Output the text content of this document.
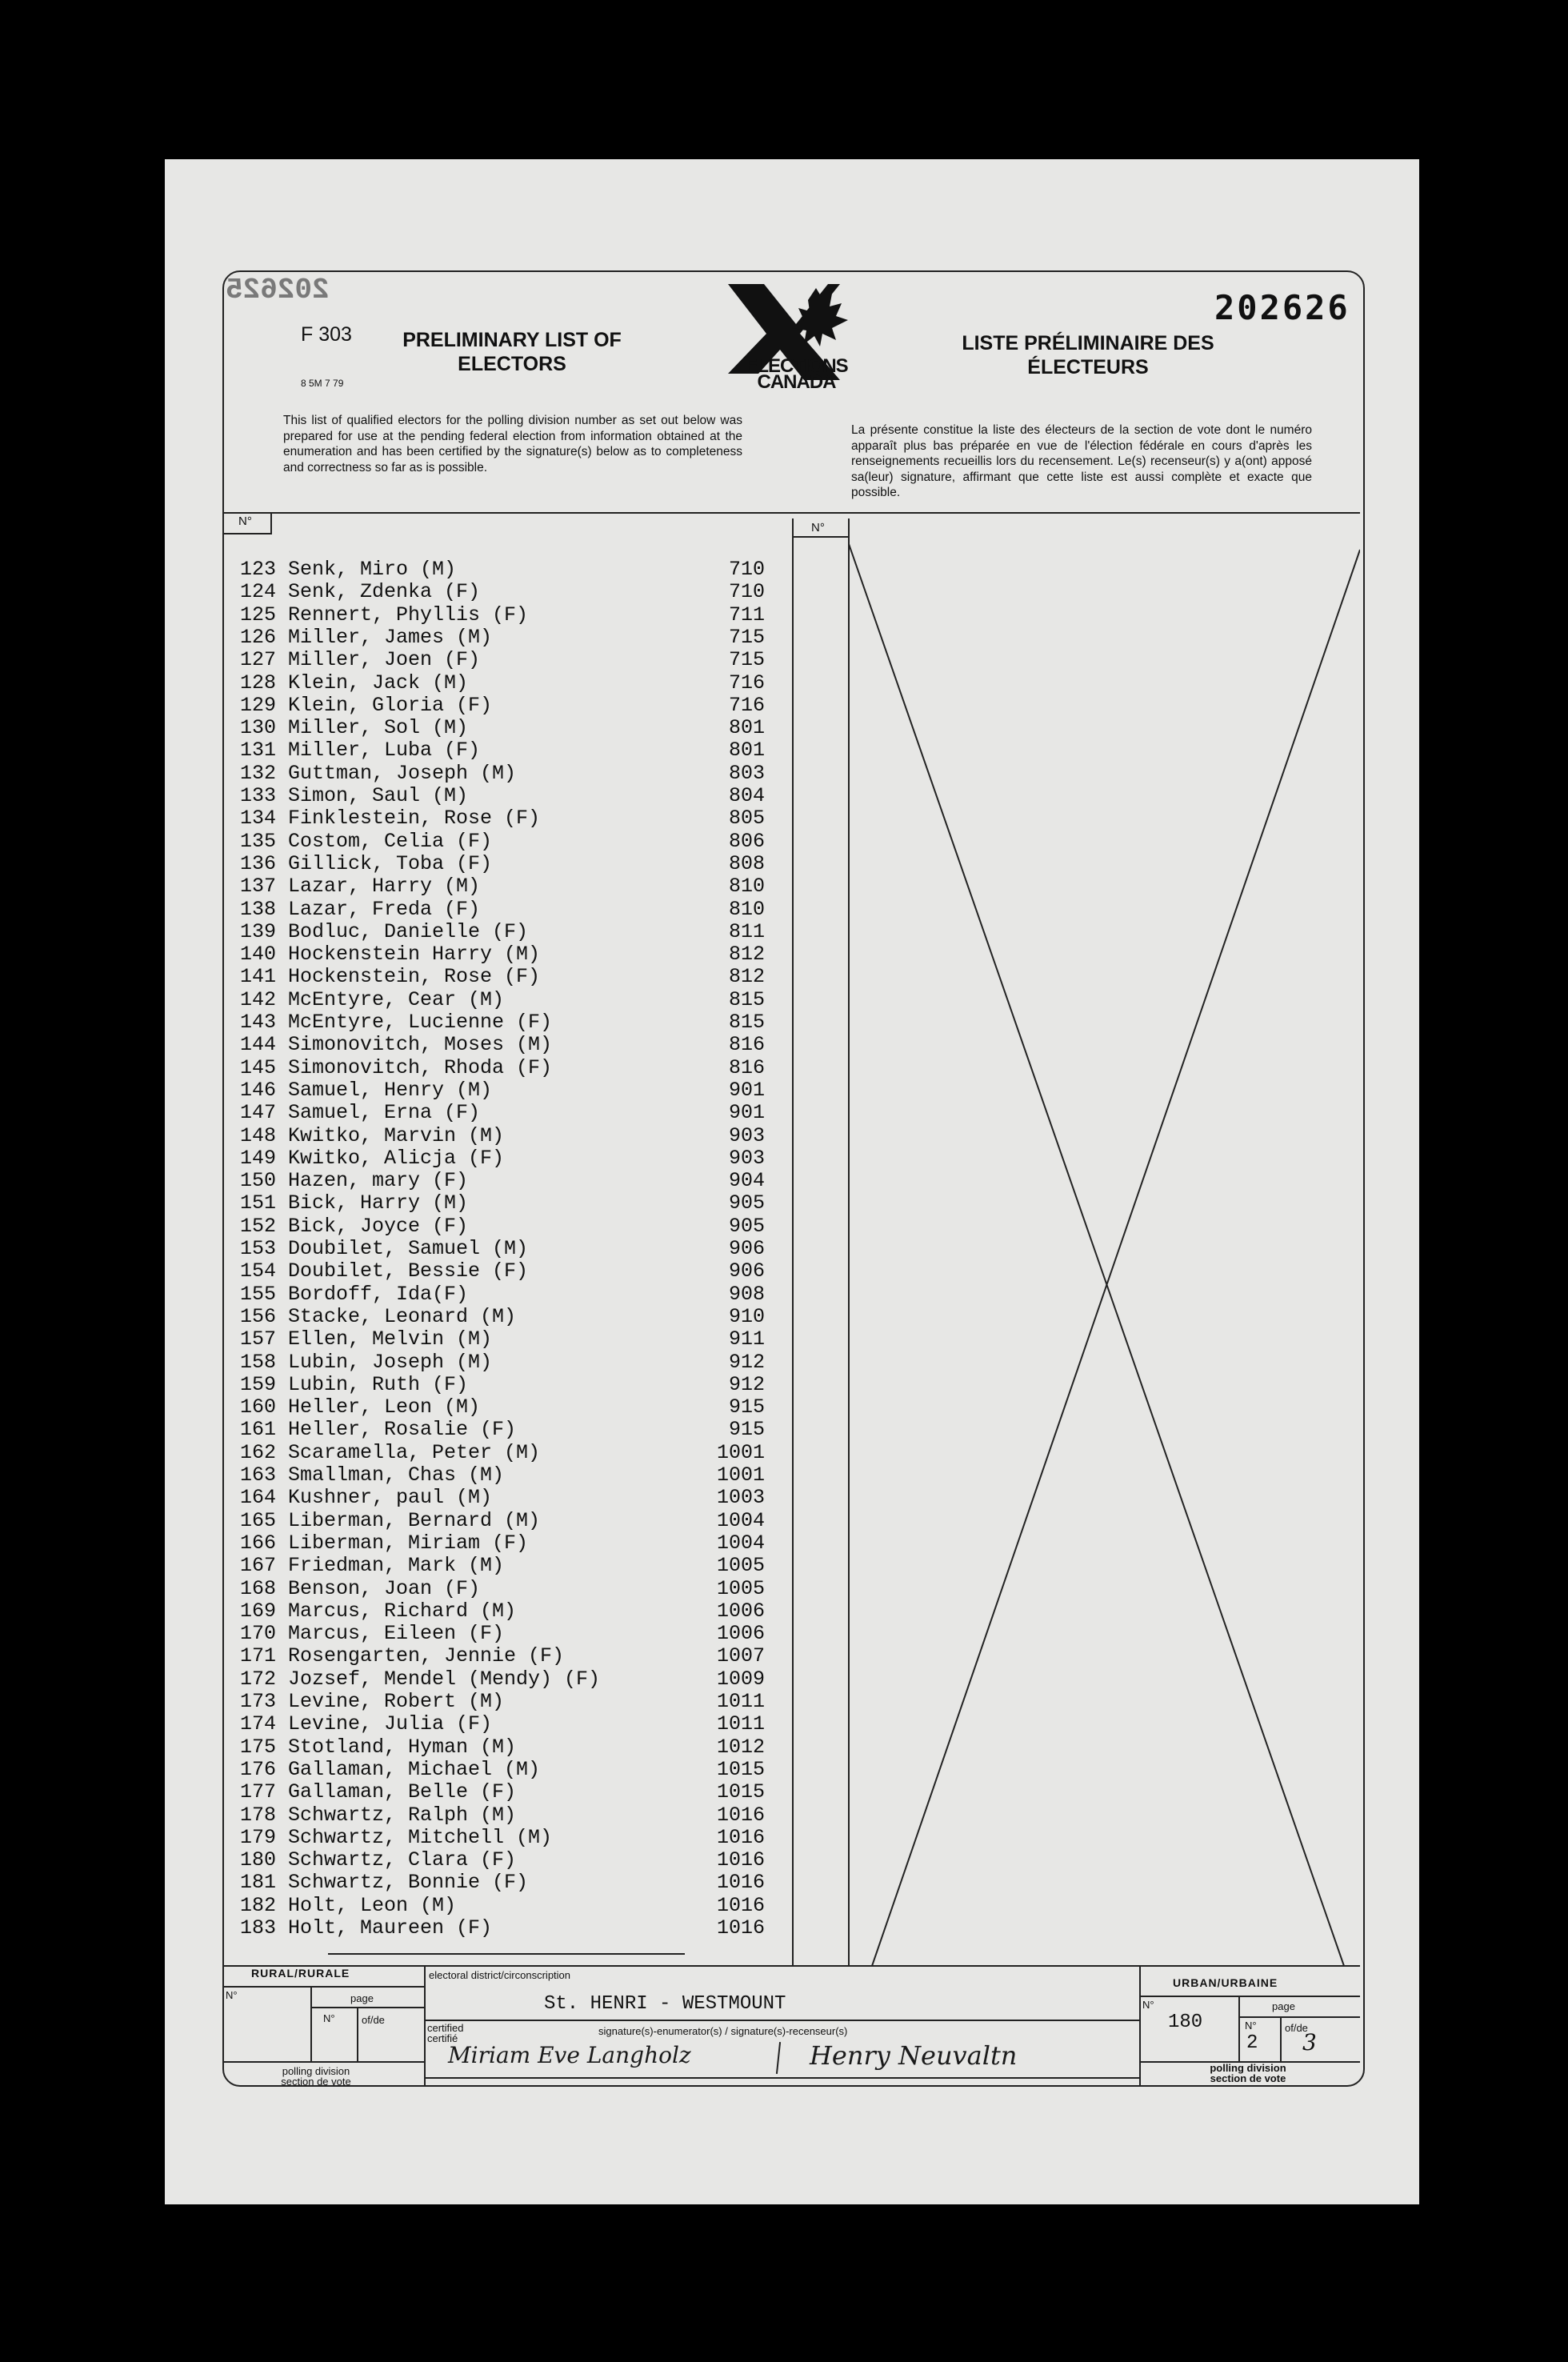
202625	202626
F 303
8 5M 7 79
PRELIMINARY LIST OF
ELECTORS
LISTE PRÉLIMINAIRE DES
ÉLECTEURS
ELECTIONS
CANADA
This list of qualified electors for the polling division number as set out below was prepared for use at the pending federal election from information obtained at the enumeration and has been certified by the signature(s) below as to completeness and correctness so far as is possible.
La présente constitue la liste des électeurs de la section de vote dont le numéro apparaît plus bas préparée en vue de l'élection fédérale en cours d'après les renseignements recueillis lors du recensement. Le(s) recenseur(s) y a(ont) apposé sa(leur) signature, affirmant que cette liste est aussi complète et exacte que possible.
N°	N°
123 Senk, Miro (M)	710
124 Senk, Zdenka (F)	710
125 Rennert, Phyllis (F)	711
126 Miller, James (M)	715
127 Miller, Joen (F)	715
128 Klein, Jack (M)	716
129 Klein, Gloria (F)	716
130 Miller, Sol (M)	801
131 Miller, Luba (F)	801
132 Guttman, Joseph (M)	803
133 Simon, Saul (M)	804
134 Finklestein, Rose (F)	805
135 Costom, Celia (F)	806
136 Gillick, Toba (F)	808
137 Lazar, Harry (M)	810
138 Lazar, Freda (F)	810
139 Bodluc, Danielle (F)	811
140 Hockenstein Harry (M)	812
141 Hockenstein, Rose (F)	812
142 McEntyre, Cear (M)	815
143 McEntyre, Lucienne (F)	815
144 Simonovitch, Moses (M)	816
145 Simonovitch, Rhoda (F)	816
146 Samuel, Henry (M)	901
147 Samuel, Erna (F)	901
148 Kwitko, Marvin (M)	903
149 Kwitko, Alicja (F)	903
150 Hazen, mary (F)	904
151 Bick, Harry (M)	905
152 Bick, Joyce (F)	905
153 Doubilet, Samuel (M)	906
154 Doubilet, Bessie (F)	906
155 Bordoff, Ida(F)	908
156 Stacke, Leonard (M)	910
157 Ellen, Melvin (M)	911
158 Lubin, Joseph (M)	912
159 Lubin, Ruth (F)	912
160 Heller, Leon (M)	915
161 Heller, Rosalie (F)	915
162 Scaramella, Peter (M)	1001
163 Smallman, Chas (M)	1001
164 Kushner, paul (M)	1003
165 Liberman, Bernard (M)	1004
166 Liberman, Miriam (F)	1004
167 Friedman, Mark (M)	1005
168 Benson, Joan (F)	1005
169 Marcus, Richard (M)	1006
170 Marcus, Eileen (F)	1006
171 Rosengarten, Jennie (F)	1007
172 Jozsef, Mendel (Mendy) (F)	1009
173 Levine, Robert (M)	1011
174 Levine, Julia (F)	1011
175 Stotland, Hyman (M)	1012
176 Gallaman, Michael (M)	1015
177 Gallaman, Belle (F)	1015
178 Schwartz, Ralph (M)	1016
179 Schwartz, Mitchell (M)	1016
180 Schwartz, Clara (F)	1016
181 Schwartz, Bonnie (F)	1016
182 Holt, Leon (M)	1016
183 Holt, Maureen (F)	1016
RURAL/RURALE	electoral district/circonscription
N°	page
N°	of/de
polling division
section de vote
St. HENRI - WESTMOUNT
certified
certifié
signature(s)-enumerator(s) / signature(s)-recenseur(s)
Miriam Eve Langholz	Henry Neuvaltn
URBAN/URBAINE
N°
180
page
N°
2
of/de
3
polling division
section de vote
